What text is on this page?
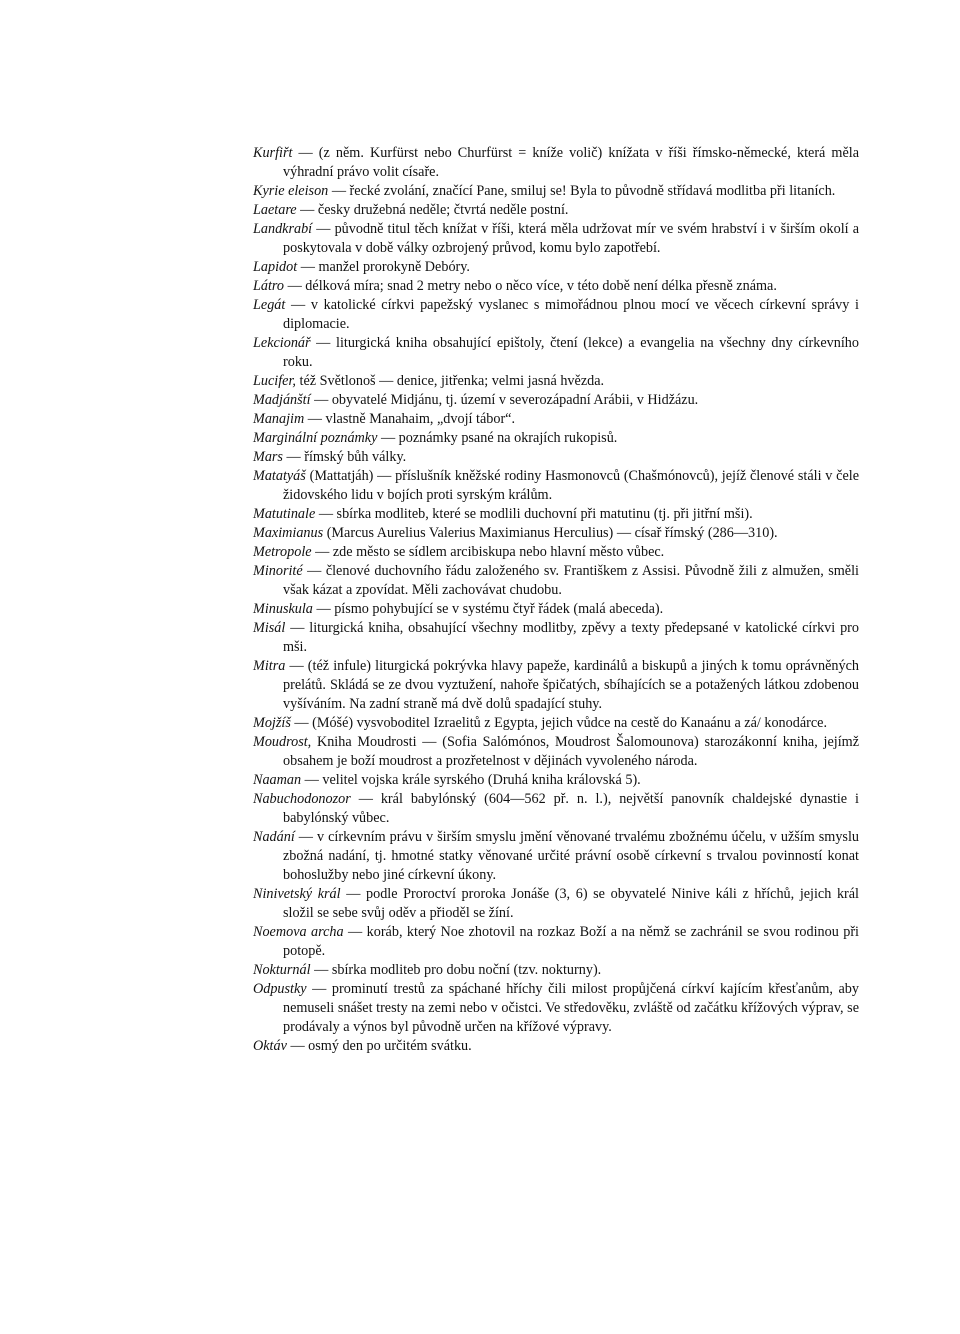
Kurfiřt — (z něm. Kurfürst nebo Churfürst = kníže volič) knížata v říši římsko-německé, která měla výhradní právo volit císaře.

Kyrie eleison — řecké zvolání, značící Pane, smiluj se! Byla to původně střídavá modlitba při litaních.

Laetare — česky družebná neděle; čtvrtá neděle postní.

Landkrabí — původně titul těch knížat v říši, která měla udržovat mír ve svém hrabství i v širším okolí a poskytovala v době války ozbrojený průvod, komu bylo zapotřebí.

Lapidot — manžel prorokyně Debóry.

Látro — délková míra; snad 2 metry nebo o něco více, v této době není délka přesně známa.

Legát — v katolické církvi papežský vyslanec s mimořádnou plnou mocí ve věcech církevní správy i diplomacie.

Lekcionář — liturgická kniha obsahující epištoly, čtení (lekce) a evangelia na všechny dny církevního roku.

Lucifer, též Světlonoš — denice, jitřenka; velmi jasná hvězda.

Madjánští — obyvatelé Midjánu, tj. území v severozápadní Arábii, v Hidžázu.

Manajim — vlastně Manahaim, „dvojí tábor“.

Marginální poznámky — poznámky psané na okrajích rukopisů.

Mars — římský bůh války.

Matatyáš (Mattatjáh) — příslušník kněžské rodiny Hasmonovců (Chašmónovců), jejíž členové stáli v čele židovského lidu v bojích proti syrským králům.

Matutinale — sbírka modliteb, které se modlili duchovní při matutinu (tj. při jitřní mši).

Maximianus (Marcus Aurelius Valerius Maximianus Herculius) — císař římský (286—310).

Metropole — zde město se sídlem arcibiskupa nebo hlavní město vůbec.

Minorité — členové duchovního řádu založeného sv. Františkem z Assisi. Původně žili z almužen, směli však kázat a zpovídat. Měli zachovávat chudobu.

Minuskula — písmo pohybující se v systému čtyř řádek (malá abeceda).

Misál — liturgická kniha, obsahující všechny modlitby, zpěvy a texty předepsané v katolické církvi pro mši.

Mitra — (též infule) liturgická pokrývka hlavy papeže, kardinálů a biskupů a jiných k tomu oprávněných prelátů. Skládá se ze dvou vyztužení, nahoře špičatých, sbíhajících se a potažených látkou zdobenou vyšíváním. Na zadní straně má dvě dolů spadající stuhy.

Mojžíš — (Móšé) vysvoboditel Izraelitů z Egypta, jejich vůdce na cestě do Kanaánu a zá/ konodárce.

Moudrost, Kniha Moudrosti — (Sofia Salómónos, Moudrost Šalomounova) starozákonní kniha, jejímž obsahem je boží moudrost a prozřetelnost v dějinách vyvoleného národa.

Naaman — velitel vojska krále syrského (Druhá kniha královská 5).

Nabuchodonozor — král babylónský (604—562 př. n. l.), největší panovník chaldejské dynastie i babylónský vůbec.

Nadání — v církevním právu v širším smyslu jmění věnované trvalému zbožnému účelu, v užším smyslu zbožná nadání, tj. hmotné statky věnované určité právní osobě církevní s trvalou povinností konat bohoslužby nebo jiné církevní úkony.

Ninivetský král — podle Proroctví proroka Jonáše (3, 6) se obyvatelé Ninive káli z hříchů, jejich král složil se sebe svůj oděv a přioděl se žíní.

Noemova archa — koráb, který Noe zhotovil na rozkaz Boží a na němž se zachránil se svou rodinou při potopě.

Nokturnál — sbírka modliteb pro dobu noční (tzv. nokturny).

Odpustky — prominutí trestů za spáchané hříchy čili milost propůjčená církví kajícím křesťanům, aby nemuseli snášet tresty na zemi nebo v očistci. Ve středověku, zvláště od začátku křížových výprav, se prodávaly a výnos byl původně určen na křížové výpravy.

Oktáv — osmý den po určitém svátku.
